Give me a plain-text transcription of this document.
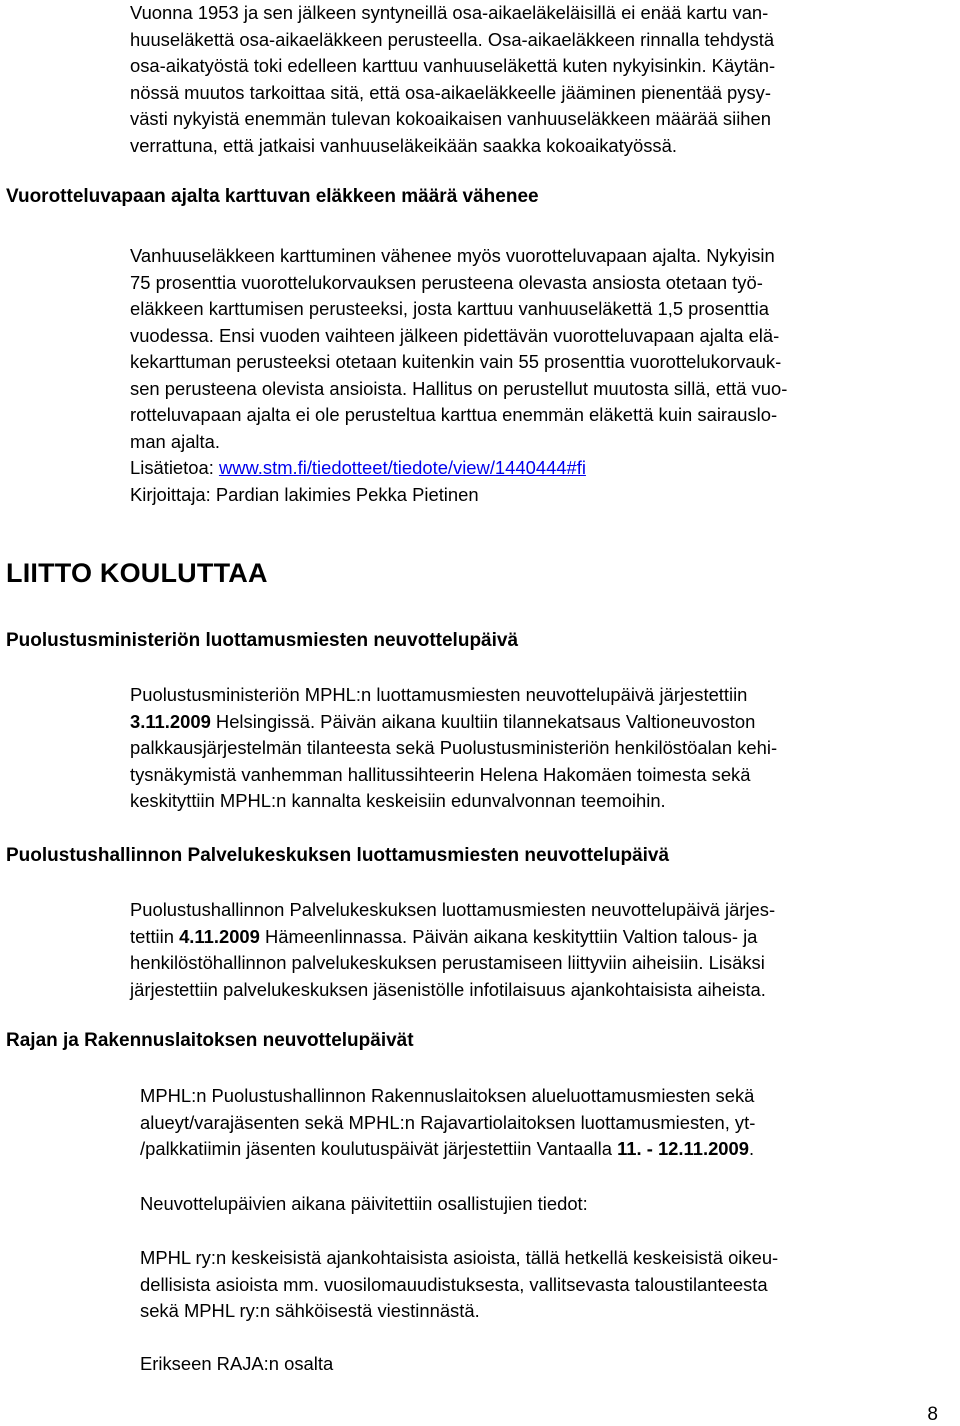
Vuonna 1953 ja sen jälkeen syntyneillä osa-aikaeläkeläisillä ei enää kartu van-
huuseläkettä osa-aikaeläkkeen perusteella. Osa-aikaeläkkeen rinnalla tehdystä
osa-aikatyöstä toki edelleen karttuu vanhuuseläkettä kuten nykyisinkin. Käytän-
nössä muutos tarkoittaa sitä, että osa-aikaeläkkeelle jääminen pienentää pysy-
västi nykyistä enemmän tulevan kokoaikaisen vanhuuseläkkeen määrää siihen
verrattuna, että jatkaisi vanhuuseläkeikään saakka kokoaikatyössä.
Vuorotteluvapaan ajalta karttuvan eläkkeen määrä vähenee
Vanhuuseläkkeen karttuminen vähenee myös vuorotteluvapaan ajalta. Nykyisin
75 prosenttia vuorottelukorvauksen perusteena olevasta ansiosta otetaan työ-
eläkkeen karttumisen perusteeksi, josta karttuu vanhuuseläkettä 1,5 prosenttia
vuodessa. Ensi vuoden vaihteen jälkeen pidettävän vuorotteluvapaan ajalta elä-
kekarttuman perusteeksi otetaan kuitenkin vain 55 prosenttia vuorottelukorvauk-
sen perusteena olevista ansioista. Hallitus on perustellut muutosta sillä, että vuo-
rotteluvapaan ajalta ei ole perusteltua karttua enemmän eläkettä kuin sairauslo-
man ajalta.
Lisätietoa: www.stm.fi/tiedotteet/tiedote/view/1440444#fi
Kirjoittaja: Pardian lakimies Pekka Pietinen
LIITTO KOULUTTAA
Puolustusministeriön luottamusmiesten neuvottelupäivä
Puolustusministeriön MPHL:n luottamusmiesten neuvottelupäivä järjestettiin
3.11.2009 Helsingissä. Päivän aikana kuultiin tilannekatsaus Valtioneuvoston
palkkausjärjestelmän tilanteesta sekä Puolustusministeriön henkilöstöalan kehi-
tysnäkymistä vanhemman hallitussihteerin Helena Hakomäen toimesta sekä
keskityttiin MPHL:n kannalta keskeisiin edunvalvonnan teemoihin.
Puolustushallinnon Palvelukeskuksen luottamusmiesten neuvottelupäivä
Puolustushallinnon Palvelukeskuksen luottamusmiesten neuvottelupäivä järjes-
tettiin 4.11.2009 Hämeenlinnassa. Päivän aikana keskityttiin Valtion talous- ja
henkilöstöhallinnon palvelukeskuksen perustamiseen liittyviin aiheisiin. Lisäksi
järjestettiin palvelukeskuksen jäsenistölle infotilaisuus ajankohtaisista aiheista.
Rajan ja Rakennuslaitoksen neuvottelupäivät
MPHL:n Puolustushallinnon Rakennuslaitoksen alueluottamusmiesten sekä
alueyt/varajäsenten sekä MPHL:n Rajavartiolaitoksen luottamusmiesten, yt-
/palkkatiimin jäsenten koulutuspäivät järjestettiin Vantaalla 11. - 12.11.2009.
Neuvottelupäivien aikana päivitettiin osallistujien tiedot:
MPHL ry:n keskeisistä ajankohtaisista asioista, tällä hetkellä keskeisistä oikeu-
dellisista asioista mm. vuosilomauudistuksesta, vallitsevasta taloustilanteesta
sekä MPHL ry:n sähköisestä viestinnästä.
Erikseen RAJA:n osalta

8
